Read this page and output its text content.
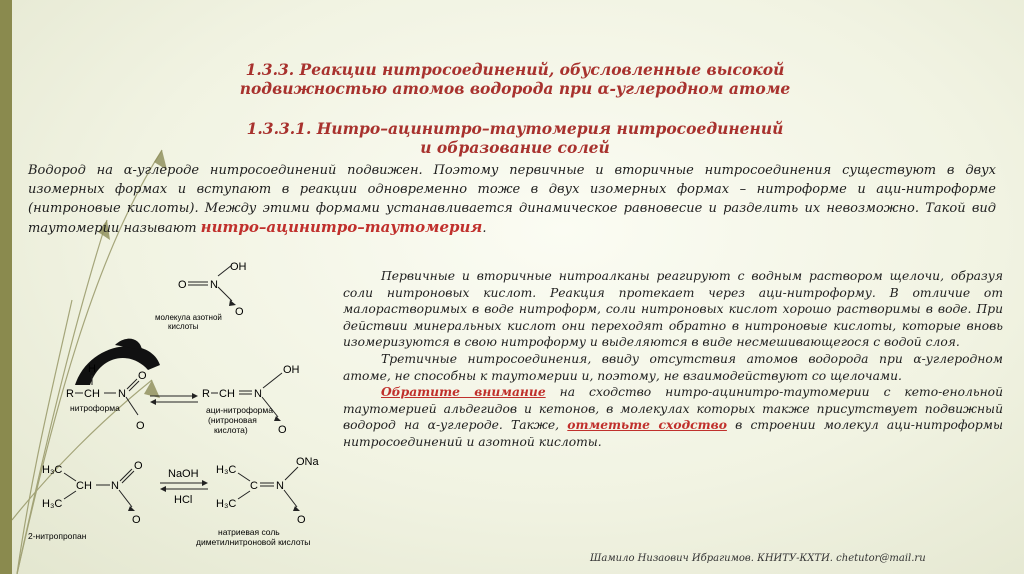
1.3.3. Реакции нитросоединений, обусловленные высокой
подвижностью атомов водорода при α-углеродном атоме
1.3.3.1. Нитро–ацинитро–таутомерия нитросоединений
и образование солей
Водород на α-углероде нитросоединений подвижен. Поэтому первичные и вторичные нитросоединения существуют в двух изомерных формах и вступают в реакции одновременно тоже в двух изомерных формах – нитроформе и аци-нитроформе (нитроновые кислоты). Между этими формами устанавливается динамическое равновесие и разделить их невозможно. Такой вид таутомерии называют нитро–ацинитро–таутомерия.
OH
O N
O
молекула азотной
кислоты
H
R CH N
O
O
нитроформа
R CH N
OH
O
аци-нитроформа
(нитроновая
кислота)
H₃C
CH
H₃C
N
O
O
2-нитропропан
NaOH
HCl
H₃C
C
H₃C
N
ONa
O
натриевая соль
диметилнитроновой кислоты

Первичные и вторичные нитроалканы реагируют с водным раствором щелочи, образуя соли нитроновых кислот. Реакция протекает через аци-нитроформу. В отличие от малорастворимых в воде нитроформ, соли нитроновых кислот хорошо растворимы в воде. При действии минеральных кислот они переходят обратно в нитроновые кислоты, которые вновь изомеризуются в свою нитроформу и выделяются в виде несмешивающегося с водой слоя.

Третичные нитросоединения, ввиду отсутствия атомов водорода при α-углеродном атоме, не способны к таутомерии и, поэтому, не взаимодействуют со щелочами.

Обратите внимание на сходство нитро-ацинитро-таутомерии с кето-енольной таутомерией альдегидов и кетонов, в молекулах которых также присутствует подвижный водород на α-углероде. Также, отметьте сходство в строении молекул аци-нитроформы нитросоединений и азотной кислоты.

Шамилo Низaович Ибрагимов. КНИТУ-КХТИ. chetutor@mail.ru
